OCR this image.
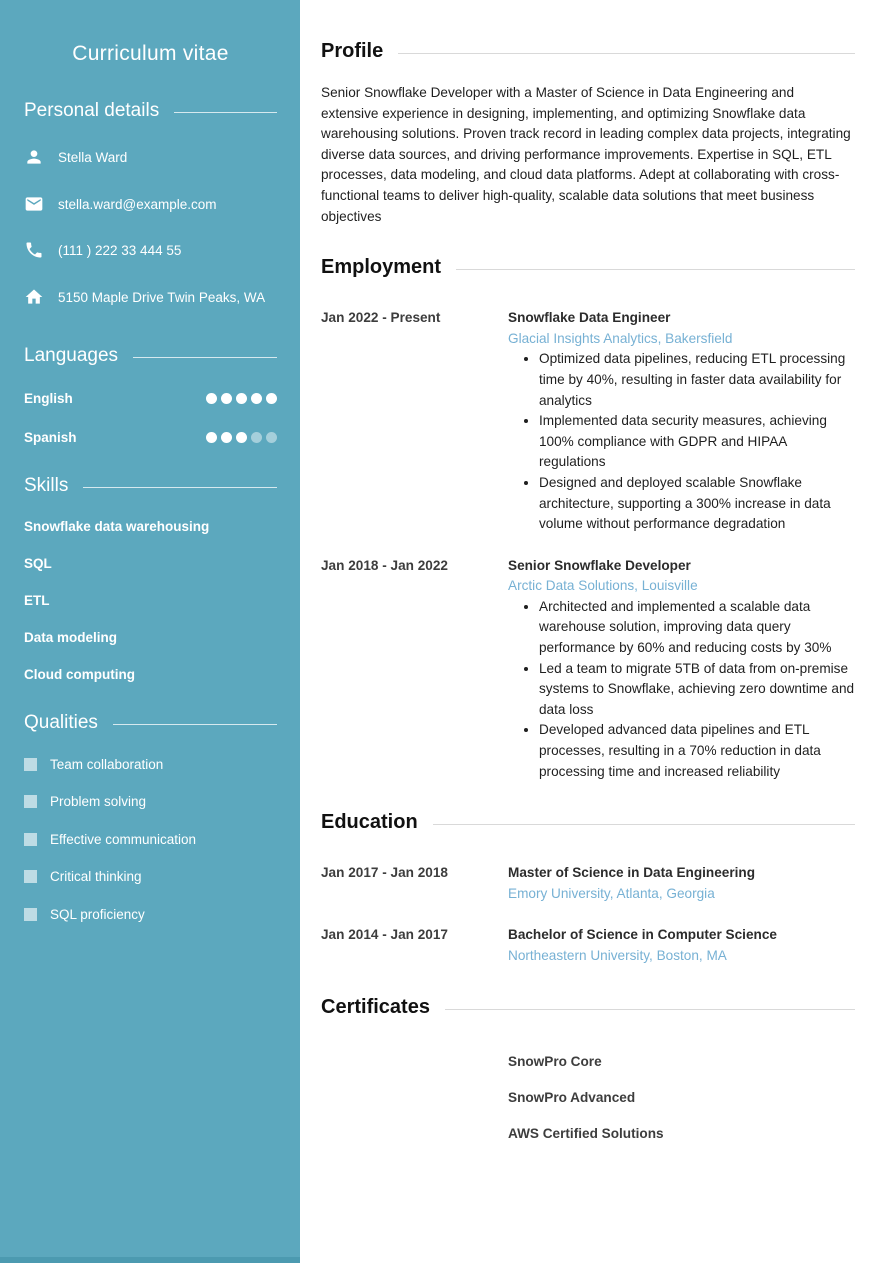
Curriculum vitae
Personal details
Stella Ward
stella.ward@example.com
(111 ) 222 33 444 55
5150 Maple Drive Twin Peaks, WA
Languages
English
Spanish
Skills
Snowflake data warehousing
SQL
ETL
Data modeling
Cloud computing
Qualities
Team collaboration
Problem solving
Effective communication
Critical thinking
SQL proficiency
Profile

Senior Snowflake Developer with a Master of Science in Data Engineering and extensive experience in designing, implementing, and optimizing Snowflake data warehousing solutions. Proven track record in leading complex data projects, integrating diverse data sources, and driving performance improvements. Expertise in SQL, ETL processes, data modeling, and cloud data platforms. Adept at collaborating with cross-functional teams to deliver high-quality, scalable data solutions that meet business objectives

Employment
Jan 2022 - Present	Snowflake Data Engineer
Glacial Insights Analytics, Bakersfield
• Optimized data pipelines, reducing ETL processing time by 40%, resulting in faster data availability for analytics
• Implemented data security measures, achieving 100% compliance with GDPR and HIPAA regulations
• Designed and deployed scalable Snowflake architecture, supporting a 300% increase in data volume without performance degradation
Jan 2018 - Jan 2022	Senior Snowflake Developer
Arctic Data Solutions, Louisville
• Architected and implemented a scalable data warehouse solution, improving data query performance by 60% and reducing costs by 30%
• Led a team to migrate 5TB of data from on-premise systems to Snowflake, achieving zero downtime and data loss
• Developed advanced data pipelines and ETL processes, resulting in a 70% reduction in data processing time and increased reliability
Education
Jan 2017 - Jan 2018	Master of Science in Data Engineering
Emory University, Atlanta, Georgia
Jan 2014 - Jan 2017	Bachelor of Science in Computer Science
Northeastern University, Boston, MA
Certificates
SnowPro Core
SnowPro Advanced
AWS Certified Solutions
